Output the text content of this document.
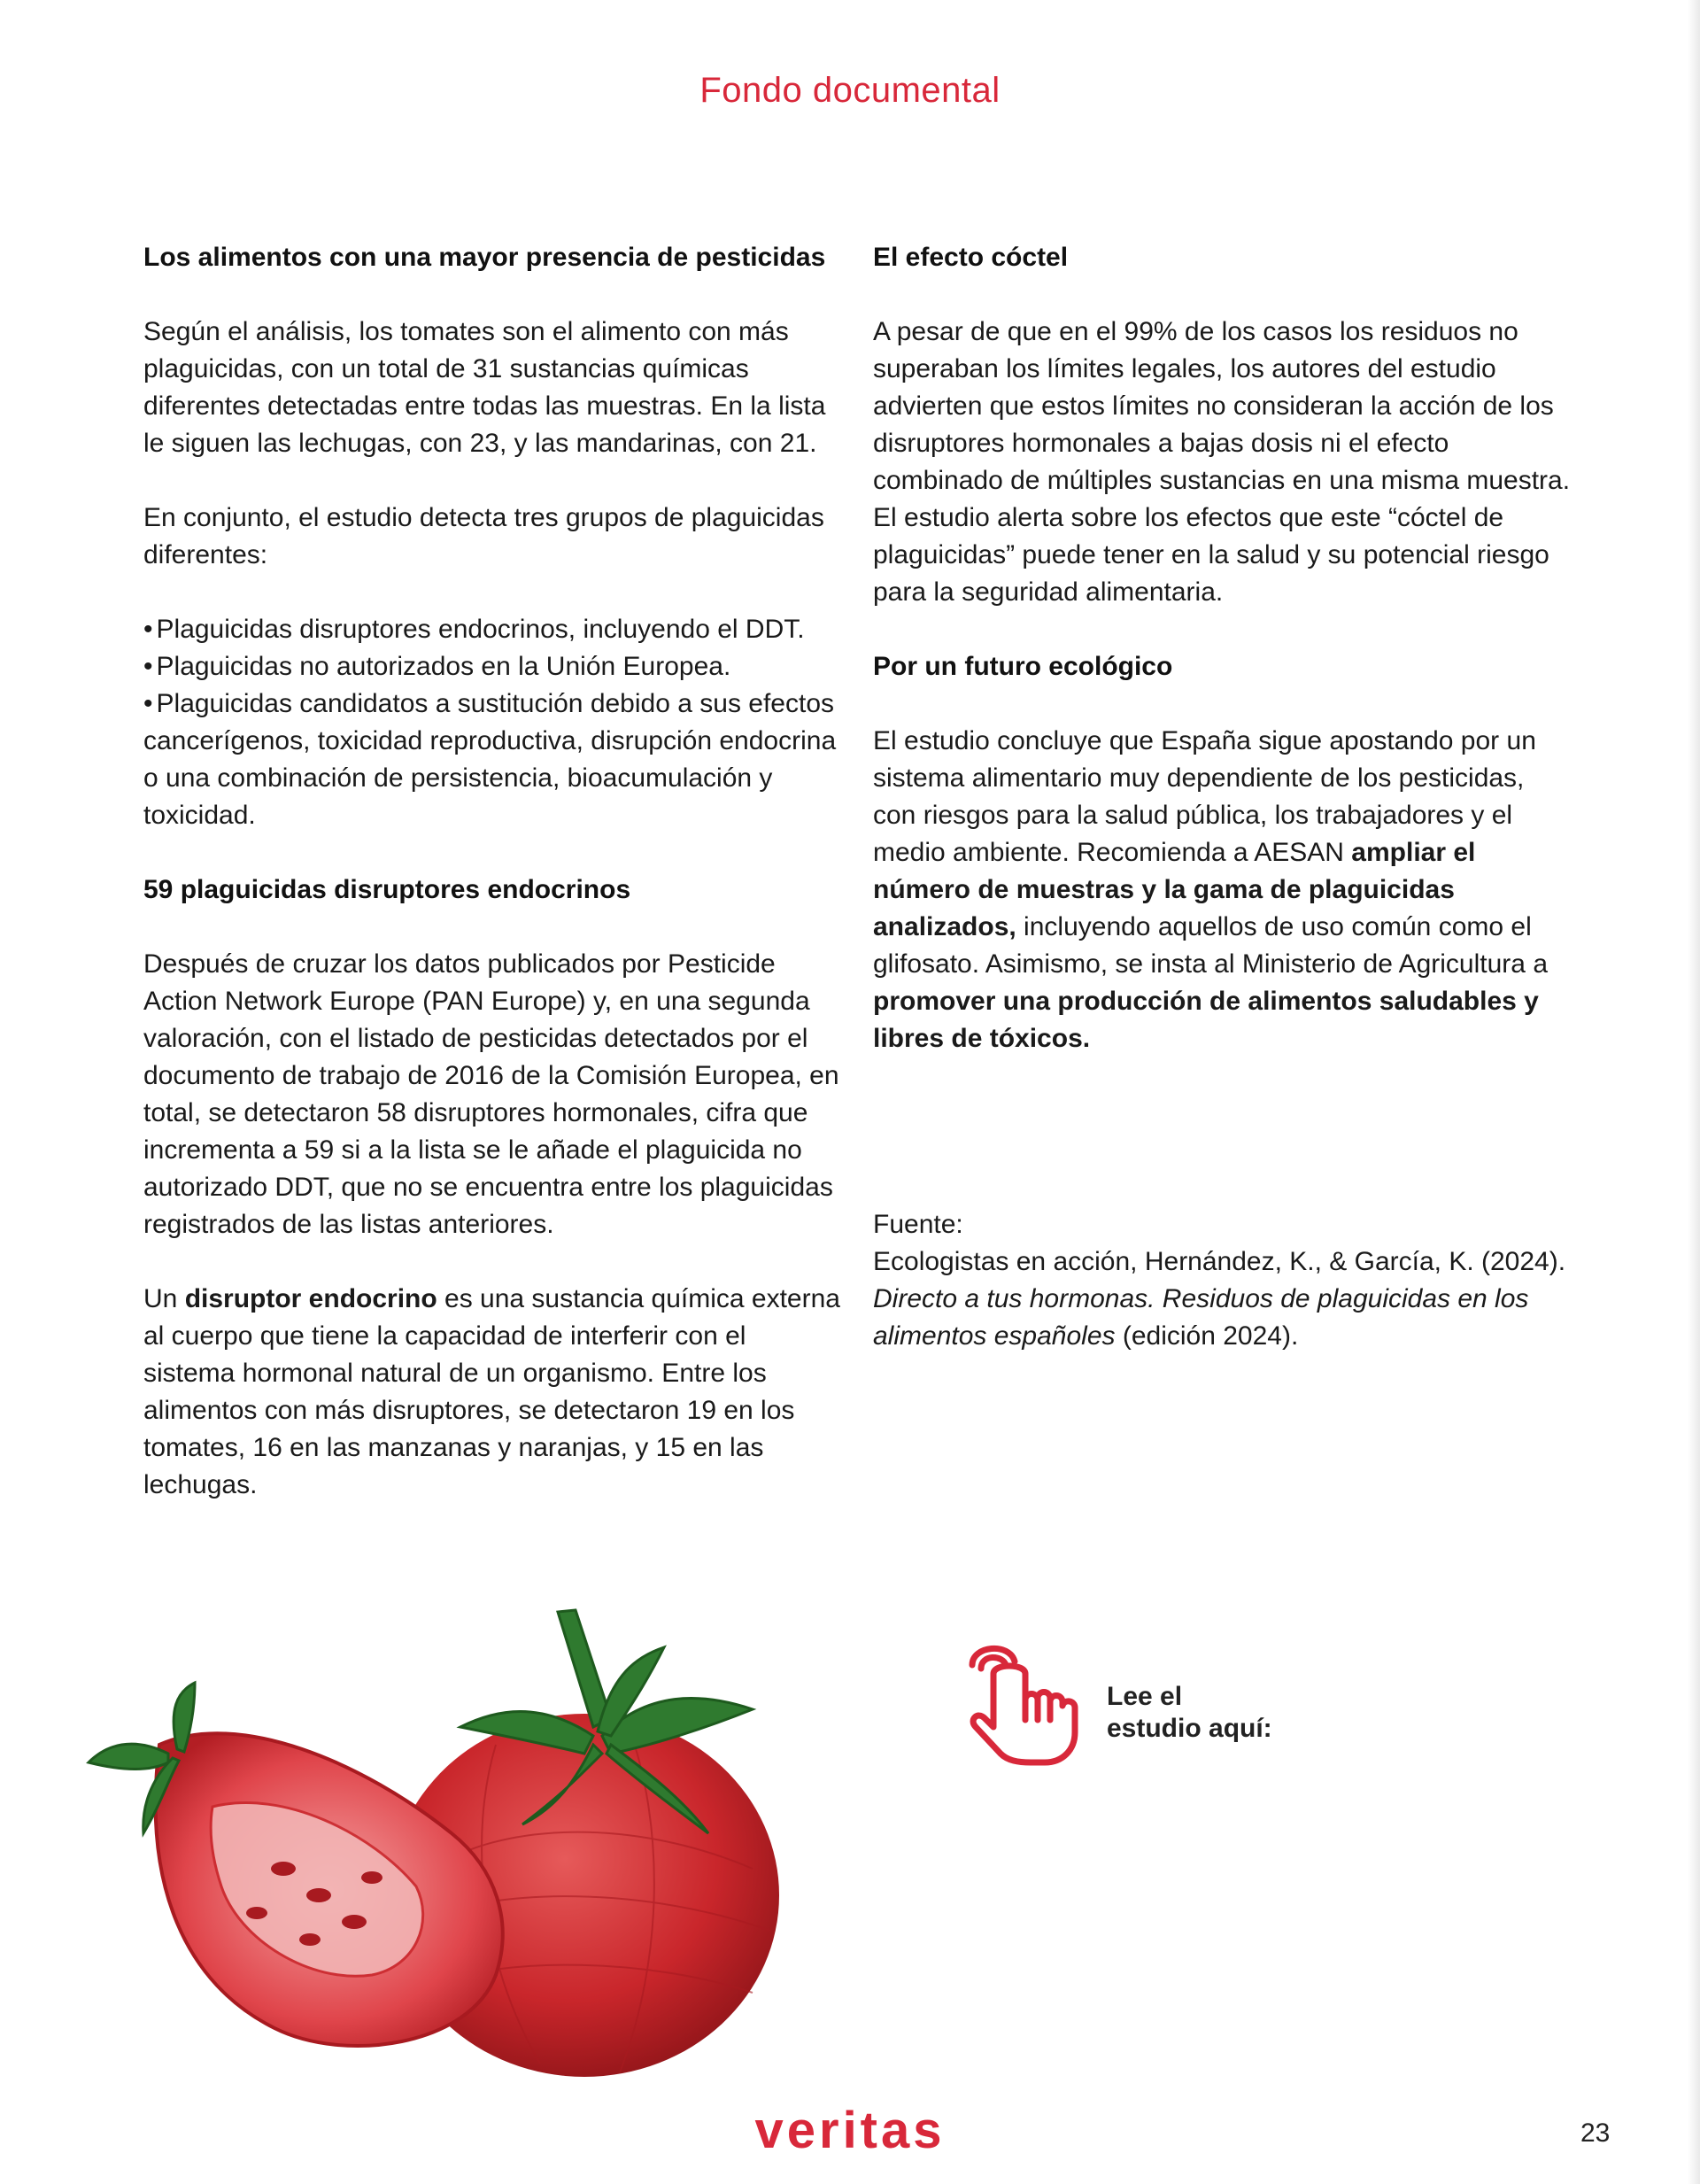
Fondo documental
Los alimentos con una mayor presencia de pesticidas

Según el análisis, los tomates son el alimento con más plaguicidas, con un total de 31 sustancias químicas diferentes detectadas entre todas las muestras. En la lista le siguen las lechugas, con 23, y las mandarinas, con 21.

En conjunto, el estudio detecta tres grupos de plaguicidas diferentes:

• Plaguicidas disruptores endocrinos, incluyendo el DDT.
• Plaguicidas no autorizados en la Unión Europea.
• Plaguicidas candidatos a sustitución debido a sus efectos cancerígenos, toxicidad reproductiva, disrupción endocrina o una combinación de persistencia, bioacumulación y toxicidad.
59 plaguicidas disruptores endocrinos

Después de cruzar los datos publicados por Pesticide Action Network Europe (PAN Europe) y, en una segunda valoración, con el listado de pesticidas detectados por el documento de trabajo de 2016 de la Comisión Europea, en total, se detectaron 58 disruptores hormonales, cifra que incrementa a 59 si a la lista se le añade el plaguicida no autorizado DDT, que no se encuentra entre los plaguicidas registrados de las listas anteriores.

Un disruptor endocrino es una sustancia química externa al cuerpo que tiene la capacidad de interferir con el sistema hormonal natural de un organismo. Entre los alimentos con más disruptores, se detectaron 19 en los tomates, 16 en las manzanas y naranjas, y 15 en las lechugas.

El efecto cóctel

A pesar de que en el 99% de los casos los residuos no superaban los límites legales, los autores del estudio advierten que estos límites no consideran la acción de los disruptores hormonales a bajas dosis ni el efecto combinado de múltiples sustancias en una misma muestra. El estudio alerta sobre los efectos que este “cóctel de plaguicidas” puede tener en la salud y su potencial riesgo para la seguridad alimentaria.

Por un futuro ecológico

El estudio concluye que España sigue apostando por un sistema alimentario muy dependiente de los pesticidas, con riesgos para la salud pública, los trabajadores y el medio ambiente. Recomienda a AESAN ampliar el número de muestras y la gama de plaguicidas analizados, incluyendo aquellos de uso común como el glifosato. Asimismo, se insta al Ministerio de Agricultura a promover una producción de alimentos saludables y libres de tóxicos.

Fuente:

Ecologistas en acción, Hernández, K., & García, K. (2024). Directo a tus hormonas. Residuos de plaguicidas en los alimentos españoles (edición 2024).

Lee el
estudio aquí:
veritas	23
